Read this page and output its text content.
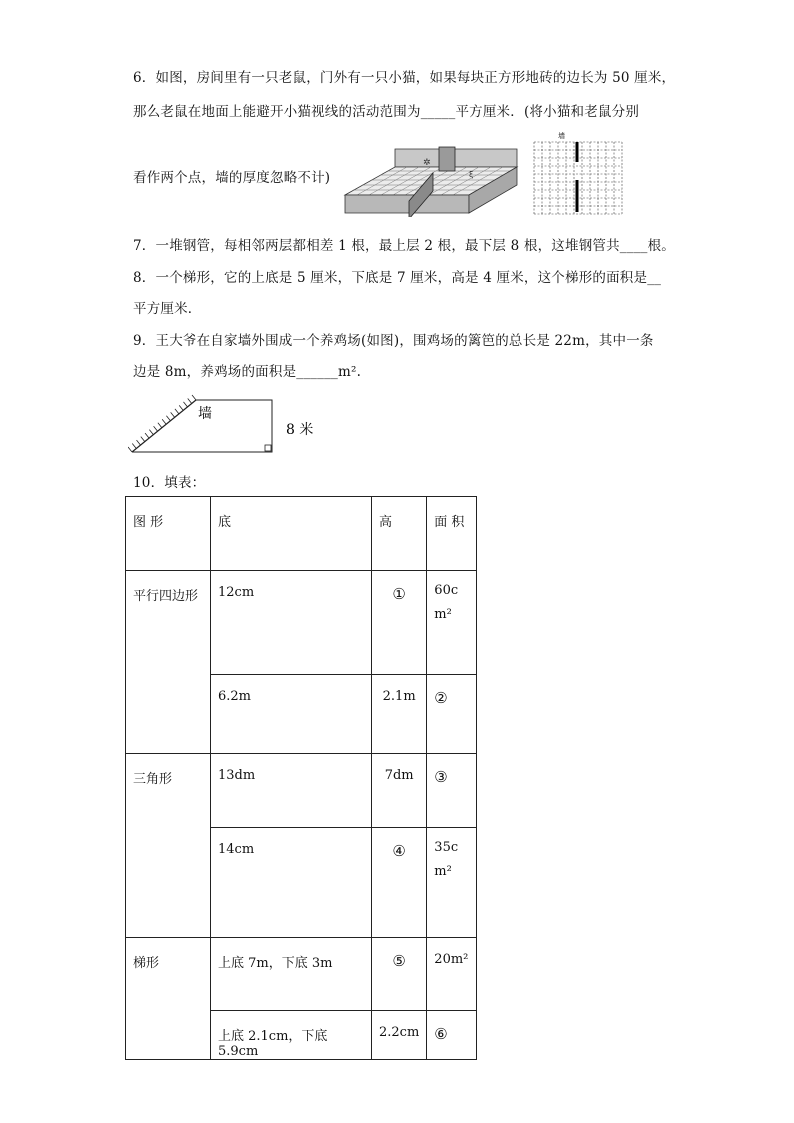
6．如图，房间里有一只老鼠，门外有一只小猫，如果每块正方形地砖的边长为 50 厘米，
那么老鼠在地面上能避开小猫视线的活动范围为_____平方厘米．(将小猫和老鼠分别
看作两个点，墙的厚度忽略不计)
✲
ξ
墙
7．一堆钢管，每相邻两层都相差 1 根，最上层 2 根，最下层 8 根，这堆钢管共____根。
8．一个梯形，它的上底是 5 厘米，下底是 7 厘米，高是 4 厘米，这个梯形的面积是__
平方厘米．
9．王大爷在自家墙外围成一个养鸡场(如图)，围鸡场的篱笆的总长是 22m，其中一条
边是 8m，养鸡场的面积是______m².
墙
8 米
10．填表：
图 形	底	高	面 积
平行四边形	12cm	①	60cm²
	6.2m	2.1m	②
三角形	13dm	7dm	③
	14cm	④	35cm²
梯形	上底 7m，下底 3m	⑤	20m²
	上底 2.1cm，下底 5.9cm	2.2cm	⑥
